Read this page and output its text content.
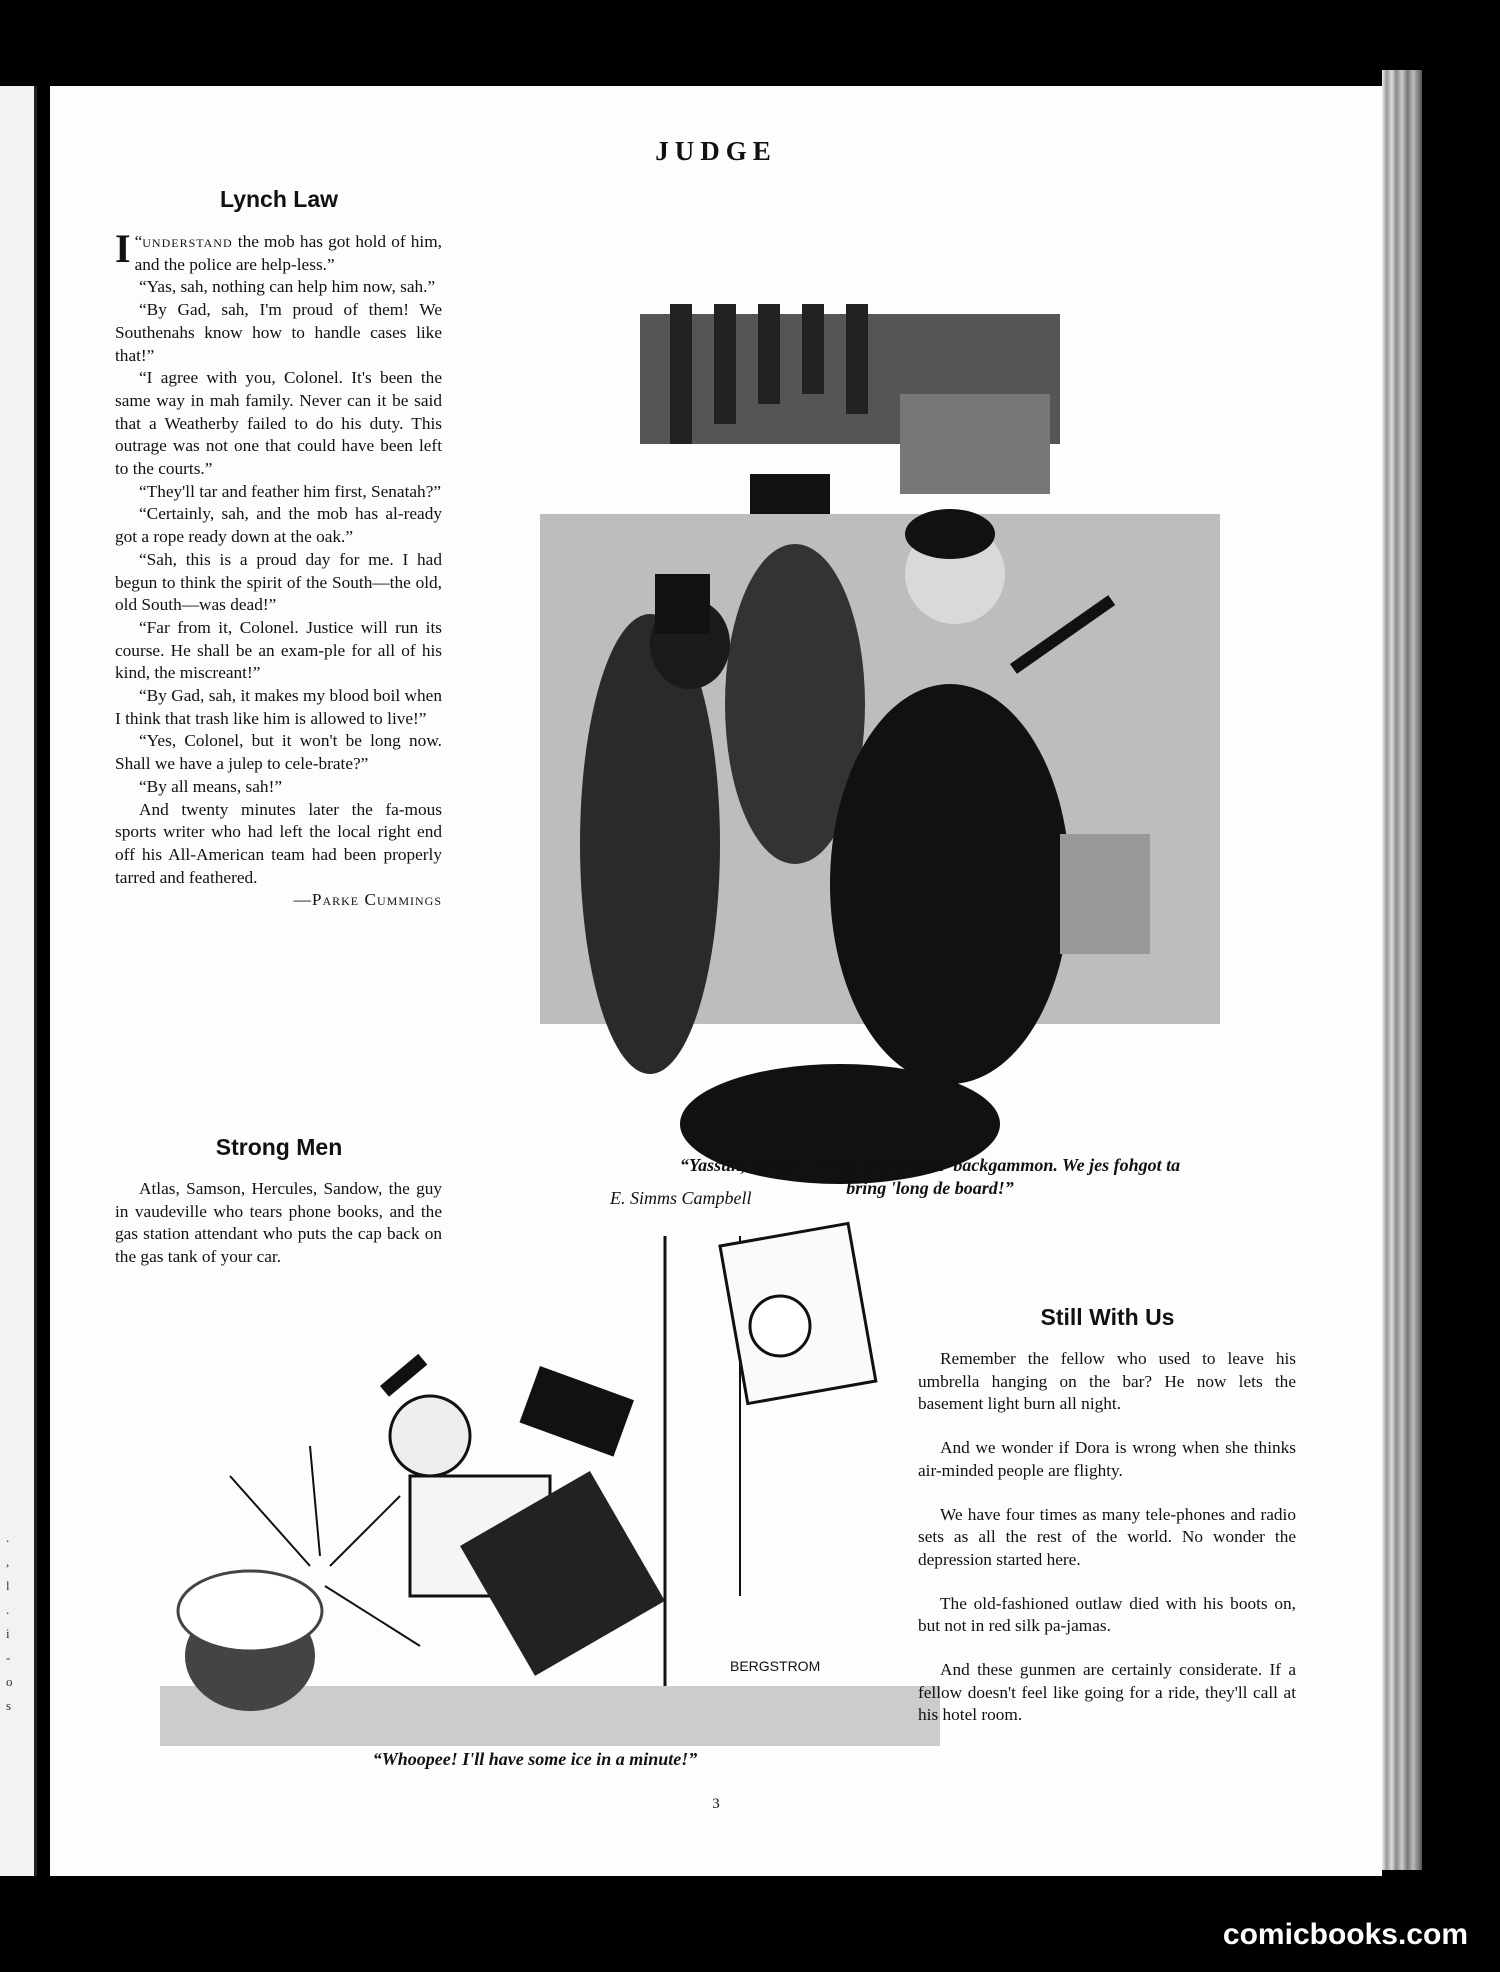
.
,
l
.
i
-
o
s
JUDGE
Lynch Law

“
I understand the mob has got hold of him, and the police are help-less.”

“Yas, sah, nothing can help him now, sah.”

“By Gad, sah, I'm proud of them! We Southenahs know how to handle cases like that!”

“I agree with you, Colonel. It's been the same way in mah family. Never can it be said that a Weatherby failed to do his duty. This outrage was not one that could have been left to the courts.”

“They'll tar and feather him first, Senatah?”

“Certainly, sah, and the mob has al-ready got a rope ready down at the oak.”

“Sah, this is a proud day for me. I had begun to think the spirit of the South—the old, old South—was dead!”

“Far from it, Colonel. Justice will run its course. He shall be an exam-ple for all of his kind, the miscreant!”

“By Gad, sah, it makes my blood boil when I think that trash like him is allowed to live!”

“Yes, Colonel, but it won't be long now. Shall we have a julep to cele-brate?”

“By all means, sah!”

And twenty minutes later the fa-mous sports writer who had left the local right end off his All-American team had been properly tarred and feathered.

—Parke Cummings
Strong Men

Atlas, Samson, Hercules, Sandow, the guy in vaudeville who tears phone books, and the gas station attendant who puts the cap back on the gas tank of your car.

E. Simms Campbell
“Yassuh, officer—we'se only playin' backgammon. We jes fohgot ta
bring 'long de board!”
BERGSTROM
“Whoopee! I'll have some ice in a minute!”
Still With Us

Remember the fellow who used to leave his umbrella hanging on the bar? He now lets the basement light burn all night.

And we wonder if Dora is wrong when she thinks air-minded people are flighty.

We have four times as many tele-phones and radio sets as all the rest of the world. No wonder the depression started here.

The old-fashioned outlaw died with his boots on, but not in red silk pa-jamas.

And these gunmen are certainly considerate. If a fellow doesn't feel like going for a ride, they'll call at his hotel room.

3
comicbooks.com
